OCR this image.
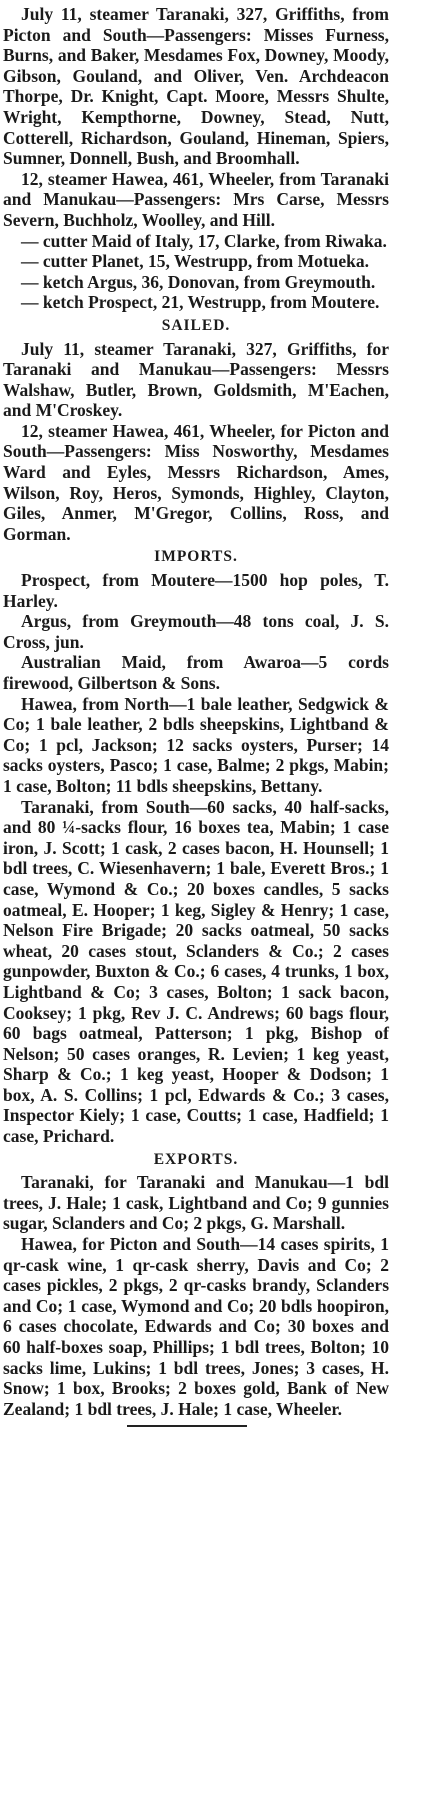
July 11, steamer Taranaki, 327, Griffiths, from Picton and South—Passengers: Misses Furness, Burns, and Baker, Mesdames Fox, Downey, Moody, Gibson, Gouland, and Oliver, Ven. Archdeacon Thorpe, Dr. Knight, Capt. Moore, Messrs Shulte, Wright, Kempthorne, Downey, Stead, Nutt, Cotterell, Richardson, Gouland, Hineman, Spiers, Sumner, Donnell, Bush, and Broomhall.

12, steamer Hawea, 461, Wheeler, from Taranaki and Manukau—Passengers: Mrs Carse, Messrs Severn, Buchholz, Woolley, and Hill.

— cutter Maid of Italy, 17, Clarke, from Riwaka.

— cutter Planet, 15, Westrupp, from Motueka.

— ketch Argus, 36, Donovan, from Greymouth.

— ketch Prospect, 21, Westrupp, from Moutere.

SAILED.

July 11, steamer Taranaki, 327, Griffiths, for Taranaki and Manukau—Passengers: Messrs Walshaw, Butler, Brown, Goldsmith, M'Eachen, and M'Croskey.

12, steamer Hawea, 461, Wheeler, for Picton and South—Passengers: Miss Nosworthy, Mesdames Ward and Eyles, Messrs Richardson, Ames, Wilson, Roy, Heros, Symonds, Highley, Clayton, Giles, Anmer, M'Gregor, Collins, Ross, and Gorman.

IMPORTS.

Prospect, from Moutere—1500 hop poles, T. Harley.

Argus, from Greymouth—48 tons coal, J. S. Cross, jun.

Australian Maid, from Awaroa—5 cords firewood, Gilbertson & Sons.

Hawea, from North—1 bale leather, Sedgwick & Co; 1 bale leather, 2 bdls sheepskins, Lightband & Co; 1 pcl, Jackson; 12 sacks oysters, Purser; 14 sacks oysters, Pasco; 1 case, Balme; 2 pkgs, Mabin; 1 case, Bolton; 11 bdls sheepskins, Bettany.

Taranaki, from South—60 sacks, 40 half-sacks, and 80 ¼-sacks flour, 16 boxes tea, Mabin; 1 case iron, J. Scott; 1 cask, 2 cases bacon, H. Hounsell; 1 bdl trees, C. Wiesenhavern; 1 bale, Everett Bros.; 1 case, Wymond & Co.; 20 boxes candles, 5 sacks oatmeal, E. Hooper; 1 keg, Sigley & Henry; 1 case, Nelson Fire Brigade; 20 sacks oatmeal, 50 sacks wheat, 20 cases stout, Sclanders & Co.; 2 cases gunpowder, Buxton & Co.; 6 cases, 4 trunks, 1 box, Lightband & Co; 3 cases, Bolton; 1 sack bacon, Cooksey; 1 pkg, Rev J. C. Andrews; 60 bags flour, 60 bags oatmeal, Patterson; 1 pkg, Bishop of Nelson; 50 cases oranges, R. Levien; 1 keg yeast, Sharp & Co.; 1 keg yeast, Hooper & Dodson; 1 box, A. S. Collins; 1 pcl, Edwards & Co.; 3 cases, Inspector Kiely; 1 case, Coutts; 1 case, Hadfield; 1 case, Prichard.

EXPORTS.

Taranaki, for Taranaki and Manukau—1 bdl trees, J. Hale; 1 cask, Lightband and Co; 9 gunnies sugar, Sclanders and Co; 2 pkgs, G. Marshall.

Hawea, for Picton and South—14 cases spirits, 1 qr-cask wine, 1 qr-cask sherry, Davis and Co; 2 cases pickles, 2 pkgs, 2 qr-casks brandy, Sclanders and Co; 1 case, Wymond and Co; 20 bdls hoopiron, 6 cases chocolate, Edwards and Co; 30 boxes and 60 half-boxes soap, Phillips; 1 bdl trees, Bolton; 10 sacks lime, Lukins; 1 bdl trees, Jones; 3 cases, H. Snow; 1 box, Brooks; 2 boxes gold, Bank of New Zealand; 1 bdl trees, J. Hale; 1 case, Wheeler.
